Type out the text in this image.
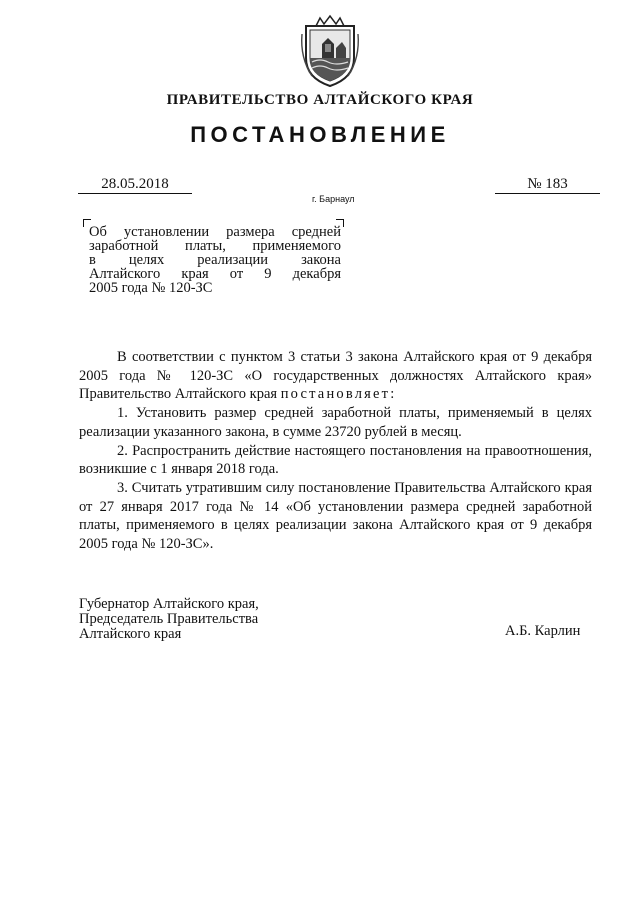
ПРАВИТЕЛЬСТВО АЛТАЙСКОГО КРАЯ
ПОСТАНОВЛЕНИЕ
28.05.2018	№ 183
г. Барнаул
Об установлении размера средней
заработной платы, применяемого
в целях реализации закона
Алтайского края от 9 декабря
2005 года № 120-ЗС

В соответствии с пунктом 3 статьи 3 закона Алтайского края от 9 декабря 2005 года № 120-ЗС «О государственных должностях Алтайского края» Правительство Алтайского края постановляет:

1. Установить размер средней заработной платы, применяемый в целях реализации указанного закона, в сумме 23720 рублей в месяц.

2. Распространить действие настоящего постановления на правоотношения, возникшие с 1 января 2018 года.

3. Считать утратившим силу постановление Правительства Алтайского края от 27 января 2017 года № 14 «Об установлении размера средней заработной платы, применяемого в целях реализации закона Алтайского края от 9 декабря 2005 года № 120-ЗС».

Губернатор Алтайского края,
Председатель Правительства
Алтайского края	А.Б. Карлин
